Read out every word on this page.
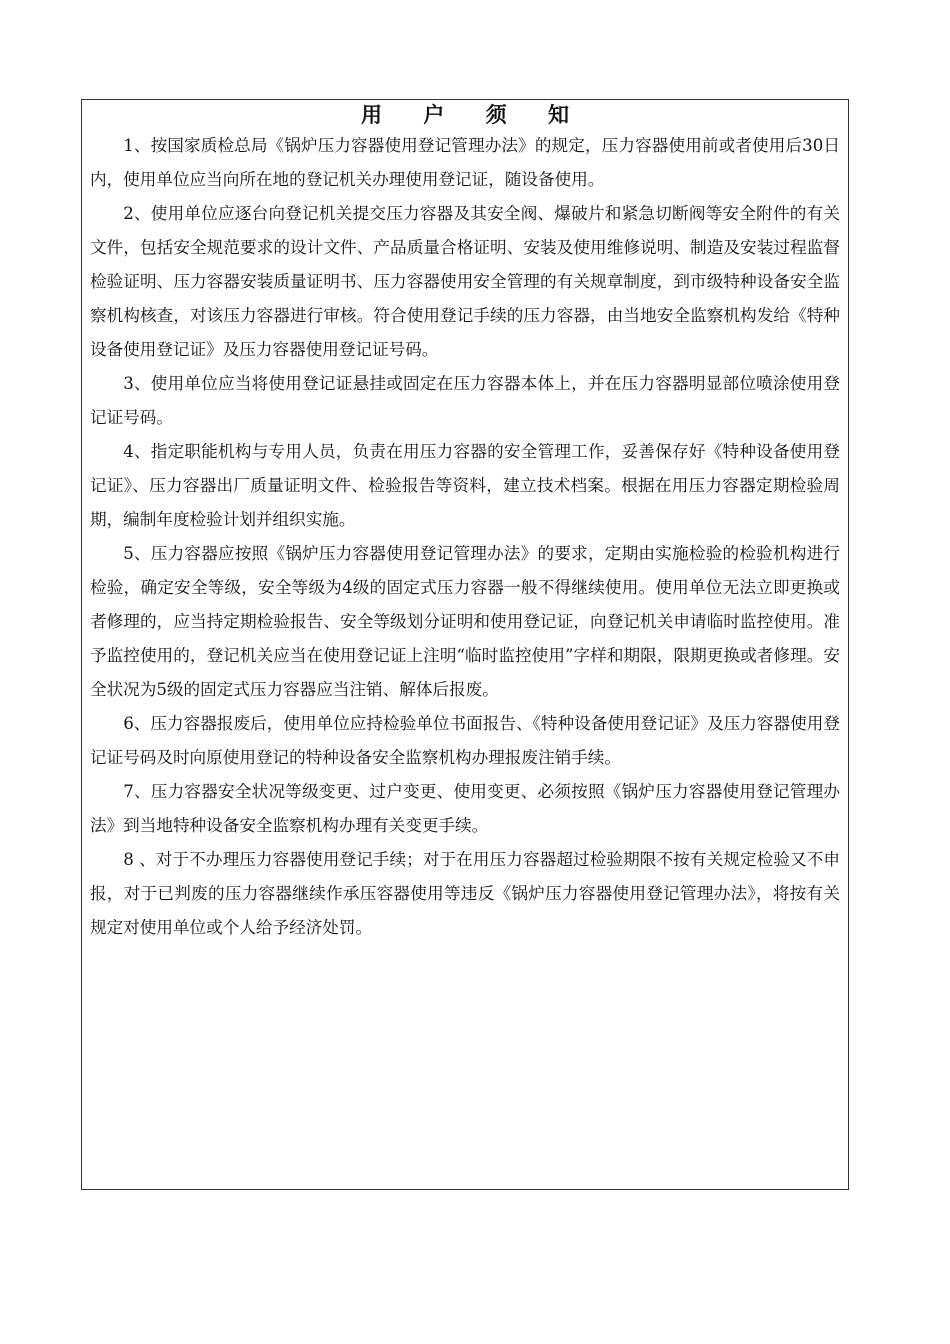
用 户 须 知

1、按国家质检总局《锅炉压力容器使用登记管理办法》的规定，压力容器使用前或者使用后30日内，使用单位应当向所在地的登记机关办理使用登记证，随设备使用。

2、使用单位应逐台向登记机关提交压力容器及其安全阀、爆破片和紧急切断阀等安全附件的有关文件，包括安全规范要求的设计文件、产品质量合格证明、安装及使用维修说明、制造及安装过程监督检验证明、压力容器安装质量证明书、压力容器使用安全管理的有关规章制度，到市级特种设备安全监察机构核查，对该压力容器进行审核。符合使用登记手续的压力容器，由当地安全监察机构发给《特种设备使用登记证》及压力容器使用登记证号码。

3、使用单位应当将使用登记证悬挂或固定在压力容器本体上，并在压力容器明显部位喷涂使用登记证号码。

4、指定职能机构与专用人员，负责在用压力容器的安全管理工作，妥善保存好《特种设备使用登记证》、压力容器出厂质量证明文件、检验报告等资料，建立技术档案。根据在用压力容器定期检验周期，编制年度检验计划并组织实施。

5、压力容器应按照《锅炉压力容器使用登记管理办法》的要求，定期由实施检验的检验机构进行检验，确定安全等级，安全等级为4级的固定式压力容器一般不得继续使用。使用单位无法立即更换或者修理的，应当持定期检验报告、安全等级划分证明和使用登记证，向登记机关申请临时监控使用。准予监控使用的，登记机关应当在使用登记证上注明“临时监控使用”字样和期限，限期更换或者修理。安全状况为5级的固定式压力容器应当注销、解体后报废。

6、压力容器报废后，使用单位应持检验单位书面报告、《特种设备使用登记证》及压力容器使用登记证号码及时向原使用登记的特种设备安全监察机构办理报废注销手续。

7、压力容器安全状况等级变更、过户变更、使用变更、必须按照《锅炉压力容器使用登记管理办法》到当地特种设备安全监察机构办理有关变更手续。

8 、对于不办理压力容器使用登记手续；对于在用压力容器超过检验期限不按有关规定检验又不申报，对于已判废的压力容器继续作承压容器使用等违反《锅炉压力容器使用登记管理办法》，将按有关规定对使用单位或个人给予经济处罚。
